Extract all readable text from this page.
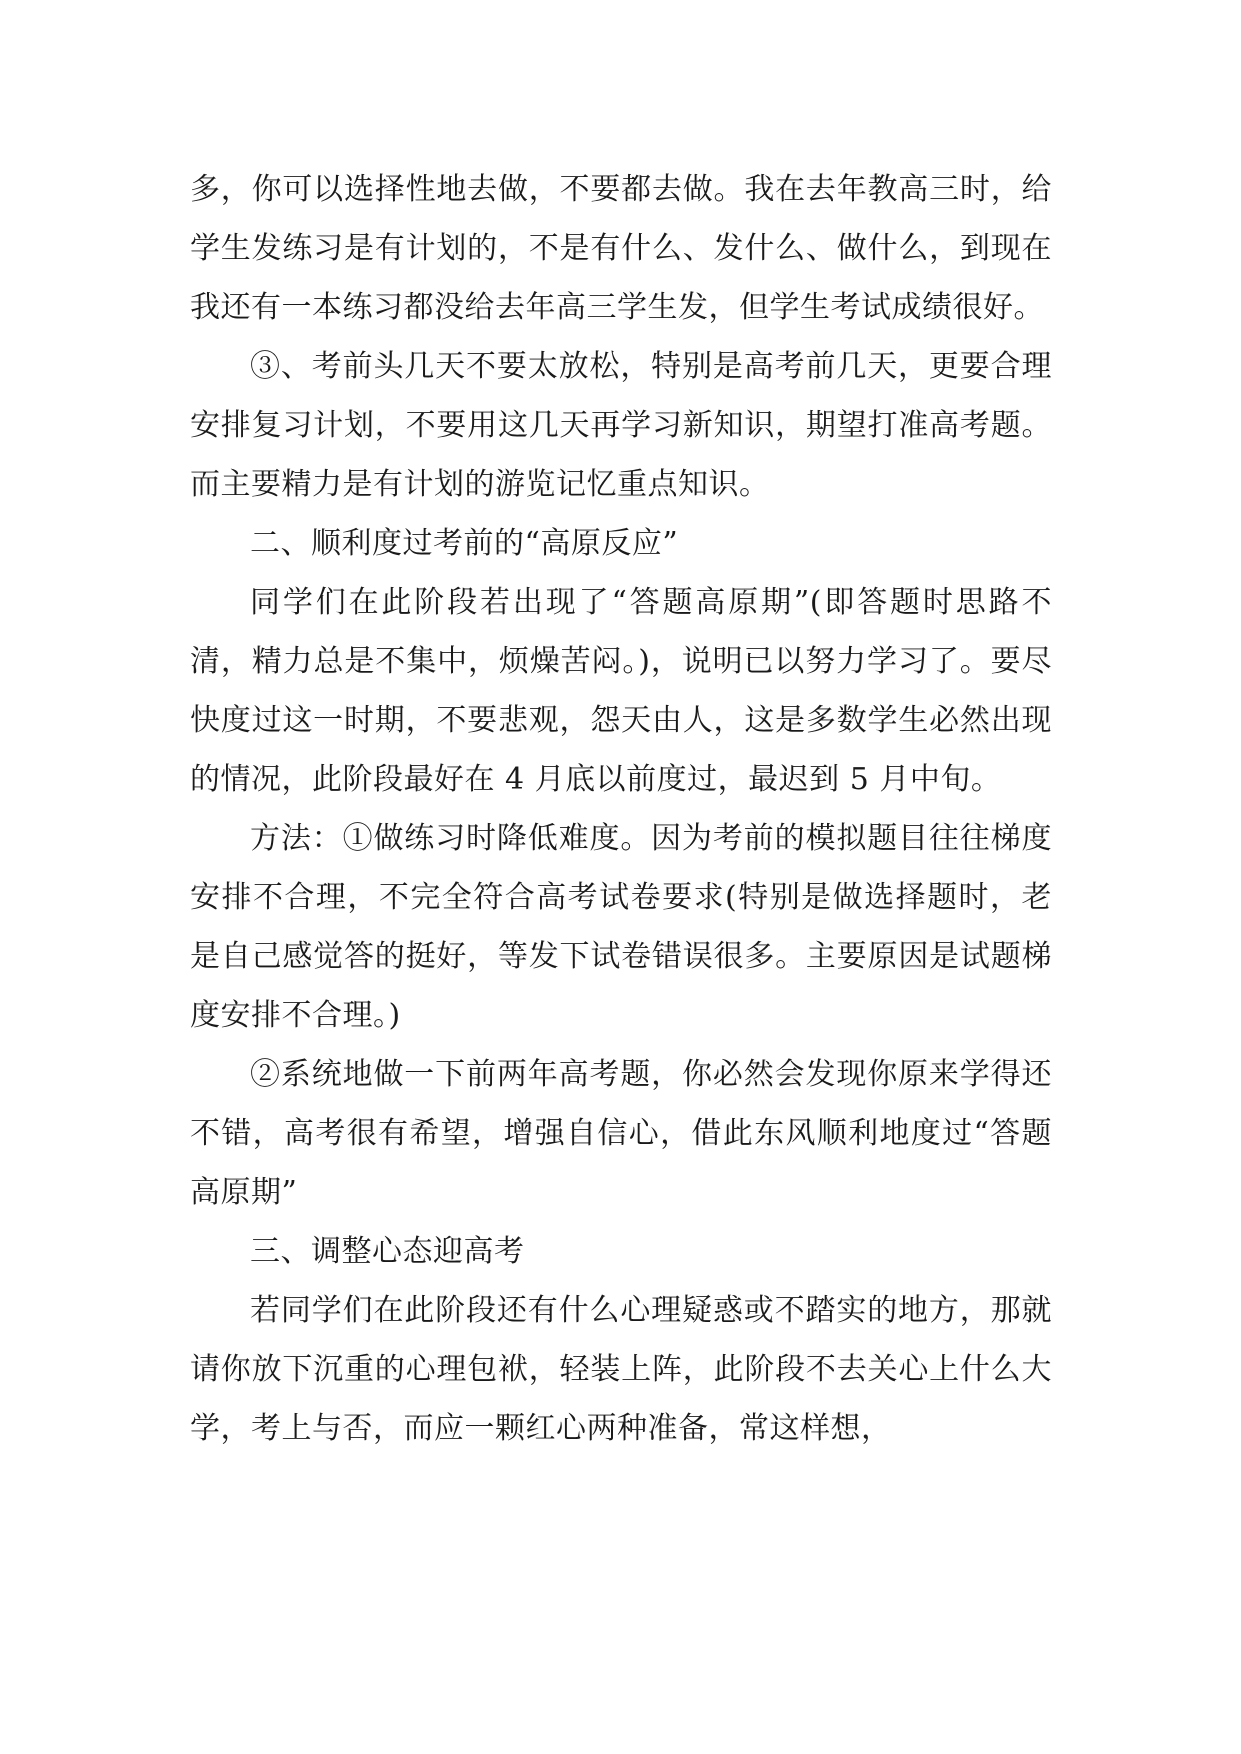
多，你可以选择性地去做，不要都去做。我在去年教高三时，给学生发练习是有计划的，不是有什么、发什么、做什么，到现在我还有一本练习都没给去年高三学生发，但学生考试成绩很好。

③、考前头几天不要太放松，特别是高考前几天，更要合理安排复习计划，不要用这几天再学习新知识，期望打准高考题。而主要精力是有计划的游览记忆重点知识。

二、顺利度过考前的“高原反应”

同学们在此阶段若出现了“答题高原期”(即答题时思路不清，精力总是不集中，烦燥苦闷。)，说明已以努力学习了。要尽快度过这一时期，不要悲观，怨天由人，这是多数学生必然出现的情况，此阶段最好在 4 月底以前度过，最迟到 5 月中旬。

方法：①做练习时降低难度。因为考前的模拟题目往往梯度安排不合理，不完全符合高考试卷要求(特别是做选择题时，老是自己感觉答的挺好，等发下试卷错误很多。主要原因是试题梯度安排不合理。)

②系统地做一下前两年高考题，你必然会发现你原来学得还不错，高考很有希望，增强自信心，借此东风顺利地度过“答题高原期”

三、调整心态迎高考

若同学们在此阶段还有什么心理疑惑或不踏实的地方，那就请你放下沉重的心理包袱，轻装上阵，此阶段不去关心上什么大学，考上与否，而应一颗红心两种准备，常这样想，
